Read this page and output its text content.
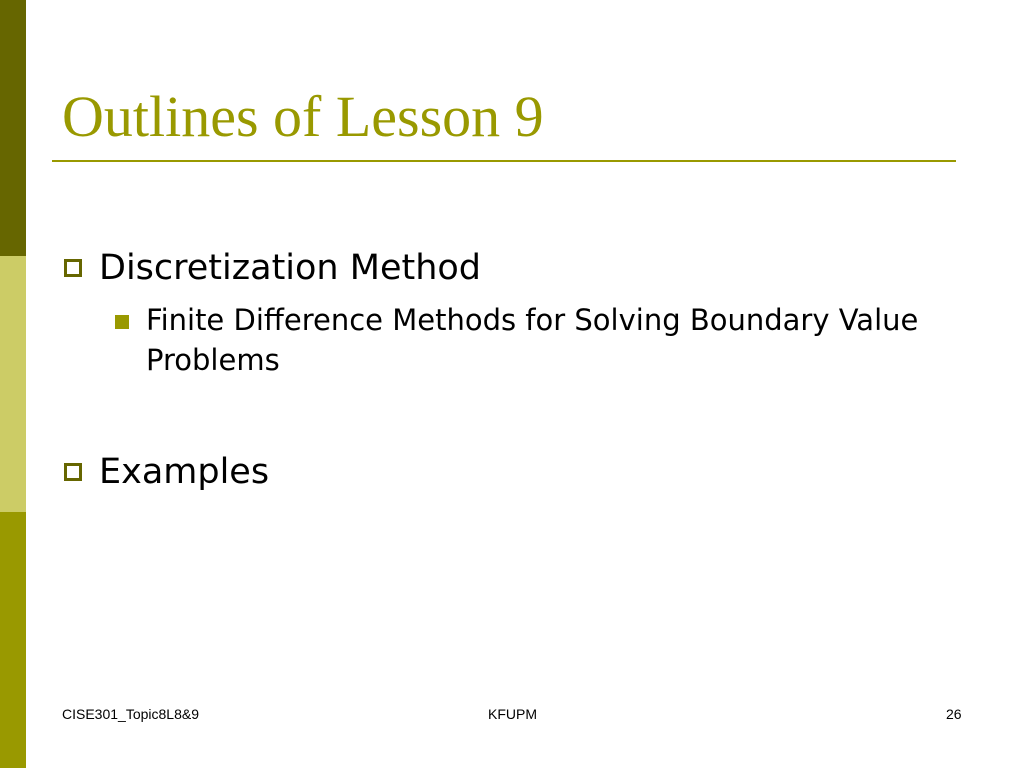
Outlines of Lesson 9
Discretization Method
Finite Difference Methods for Solving Boundary Value Problems
Examples
CISE301_Topic8L8&9	KFUPM	26
